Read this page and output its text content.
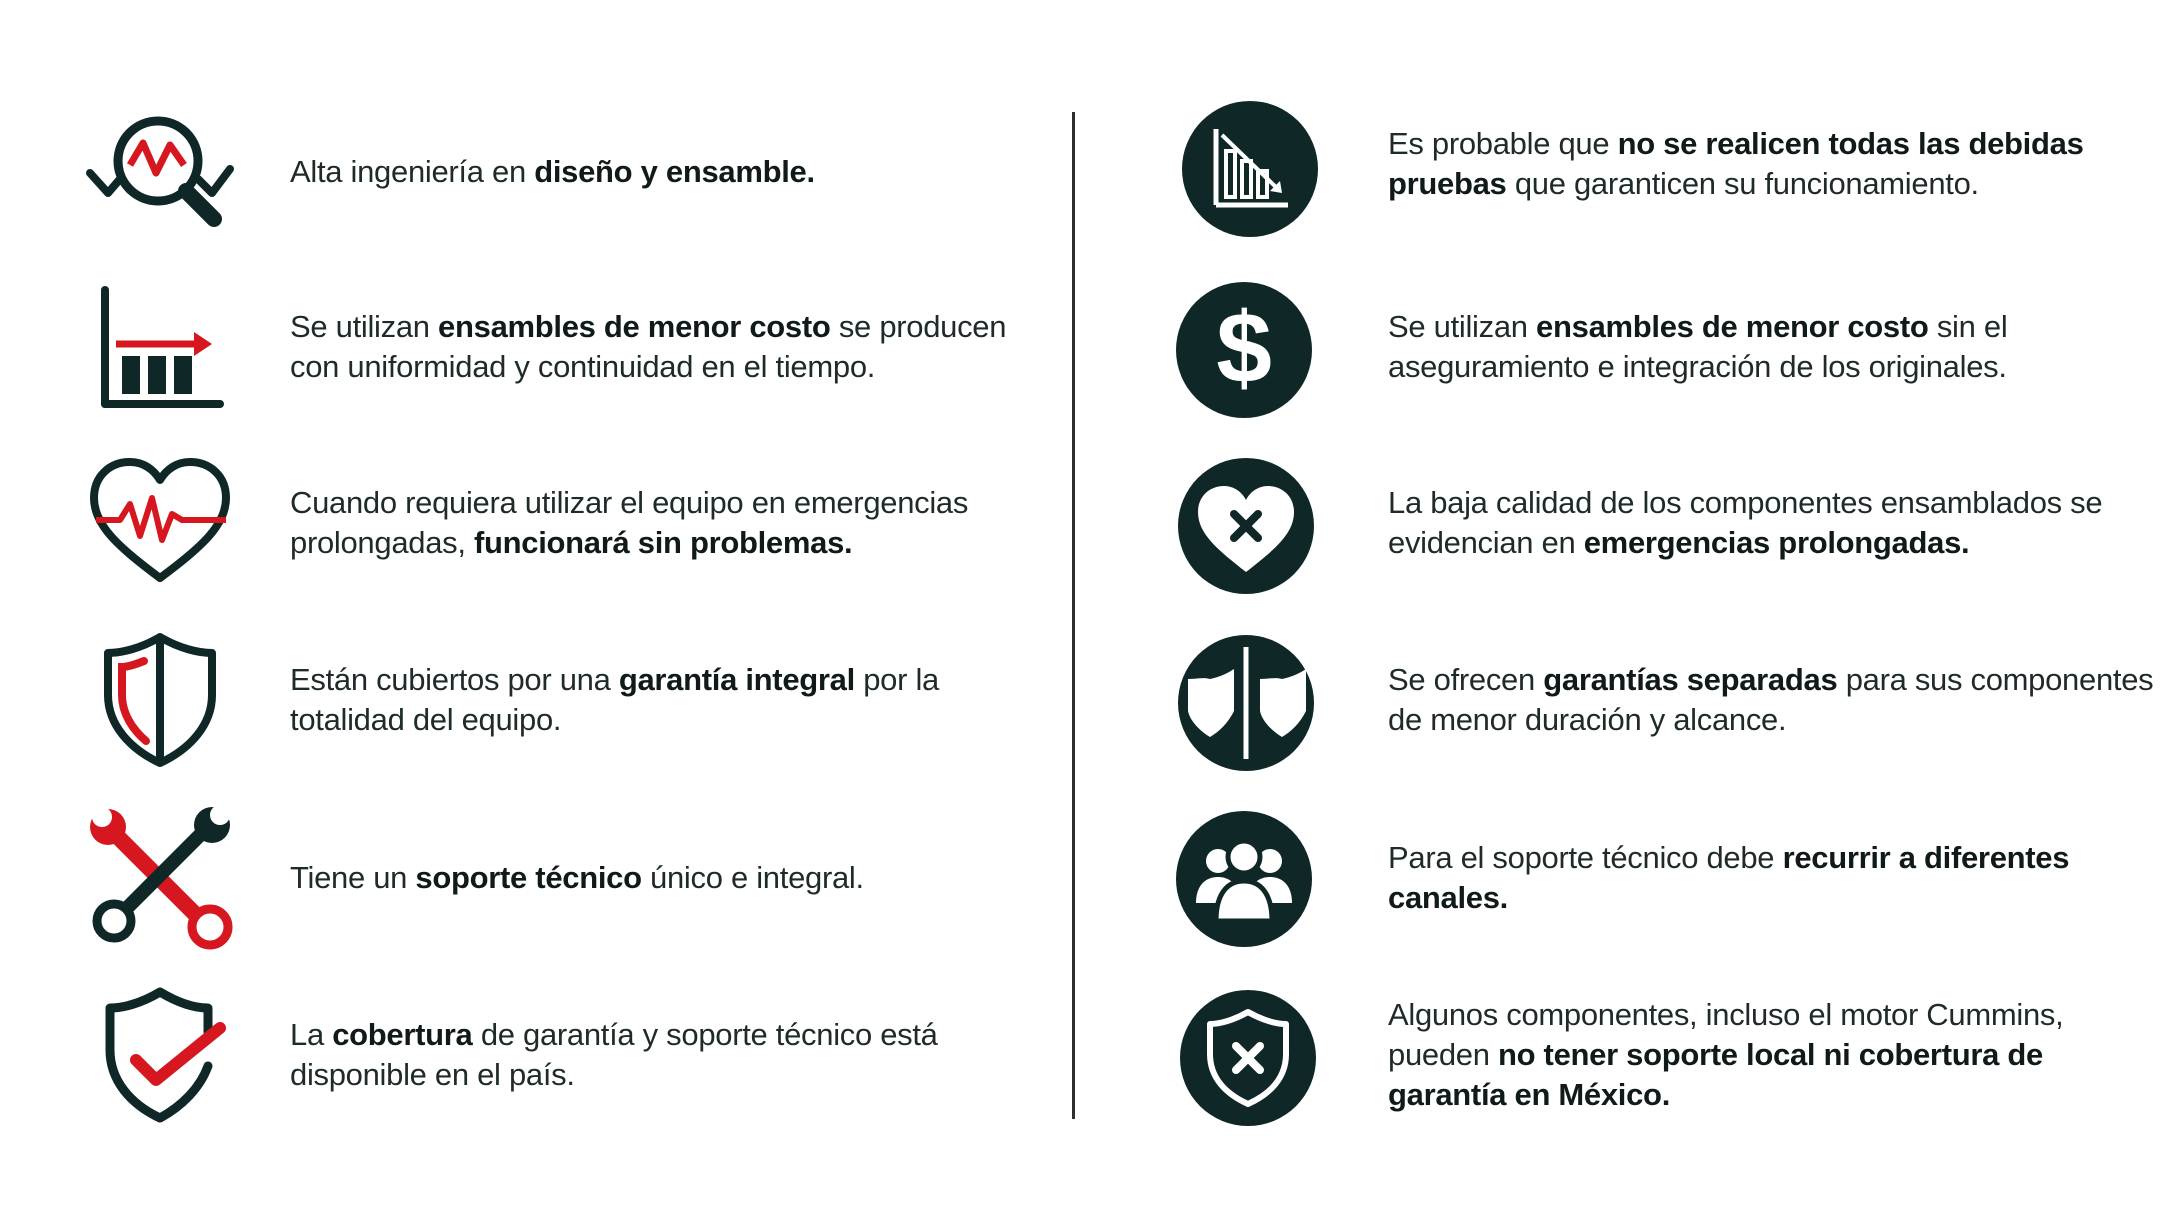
Alta ingeniería en diseño y ensamble.
Se utilizan ensambles de menor costo se producen con uniformidad y continuidad en el tiempo.
Cuando requiera utilizar el equipo en emergencias prolongadas, funcionará sin problemas.
Están cubiertos por una garantía integral por la totalidad del equipo.
Tiene un soporte técnico único e integral.
La cobertura de garantía y soporte técnico está disponible en el país.
Es probable que no se realicen todas las debidas pruebas que garanticen su funcionamiento.
$	Se utilizan ensambles de menor costo sin el aseguramiento e integración de los originales.
La baja calidad de los componentes ensamblados se evidencian en emergencias prolongadas.
Se ofrecen garantías separadas para sus componentes de menor duración y alcance.
Para el soporte técnico debe recurrir a diferentes canales.
Algunos componentes, incluso el motor Cummins, pueden no tener soporte local ni cobertura de garantía en México.
